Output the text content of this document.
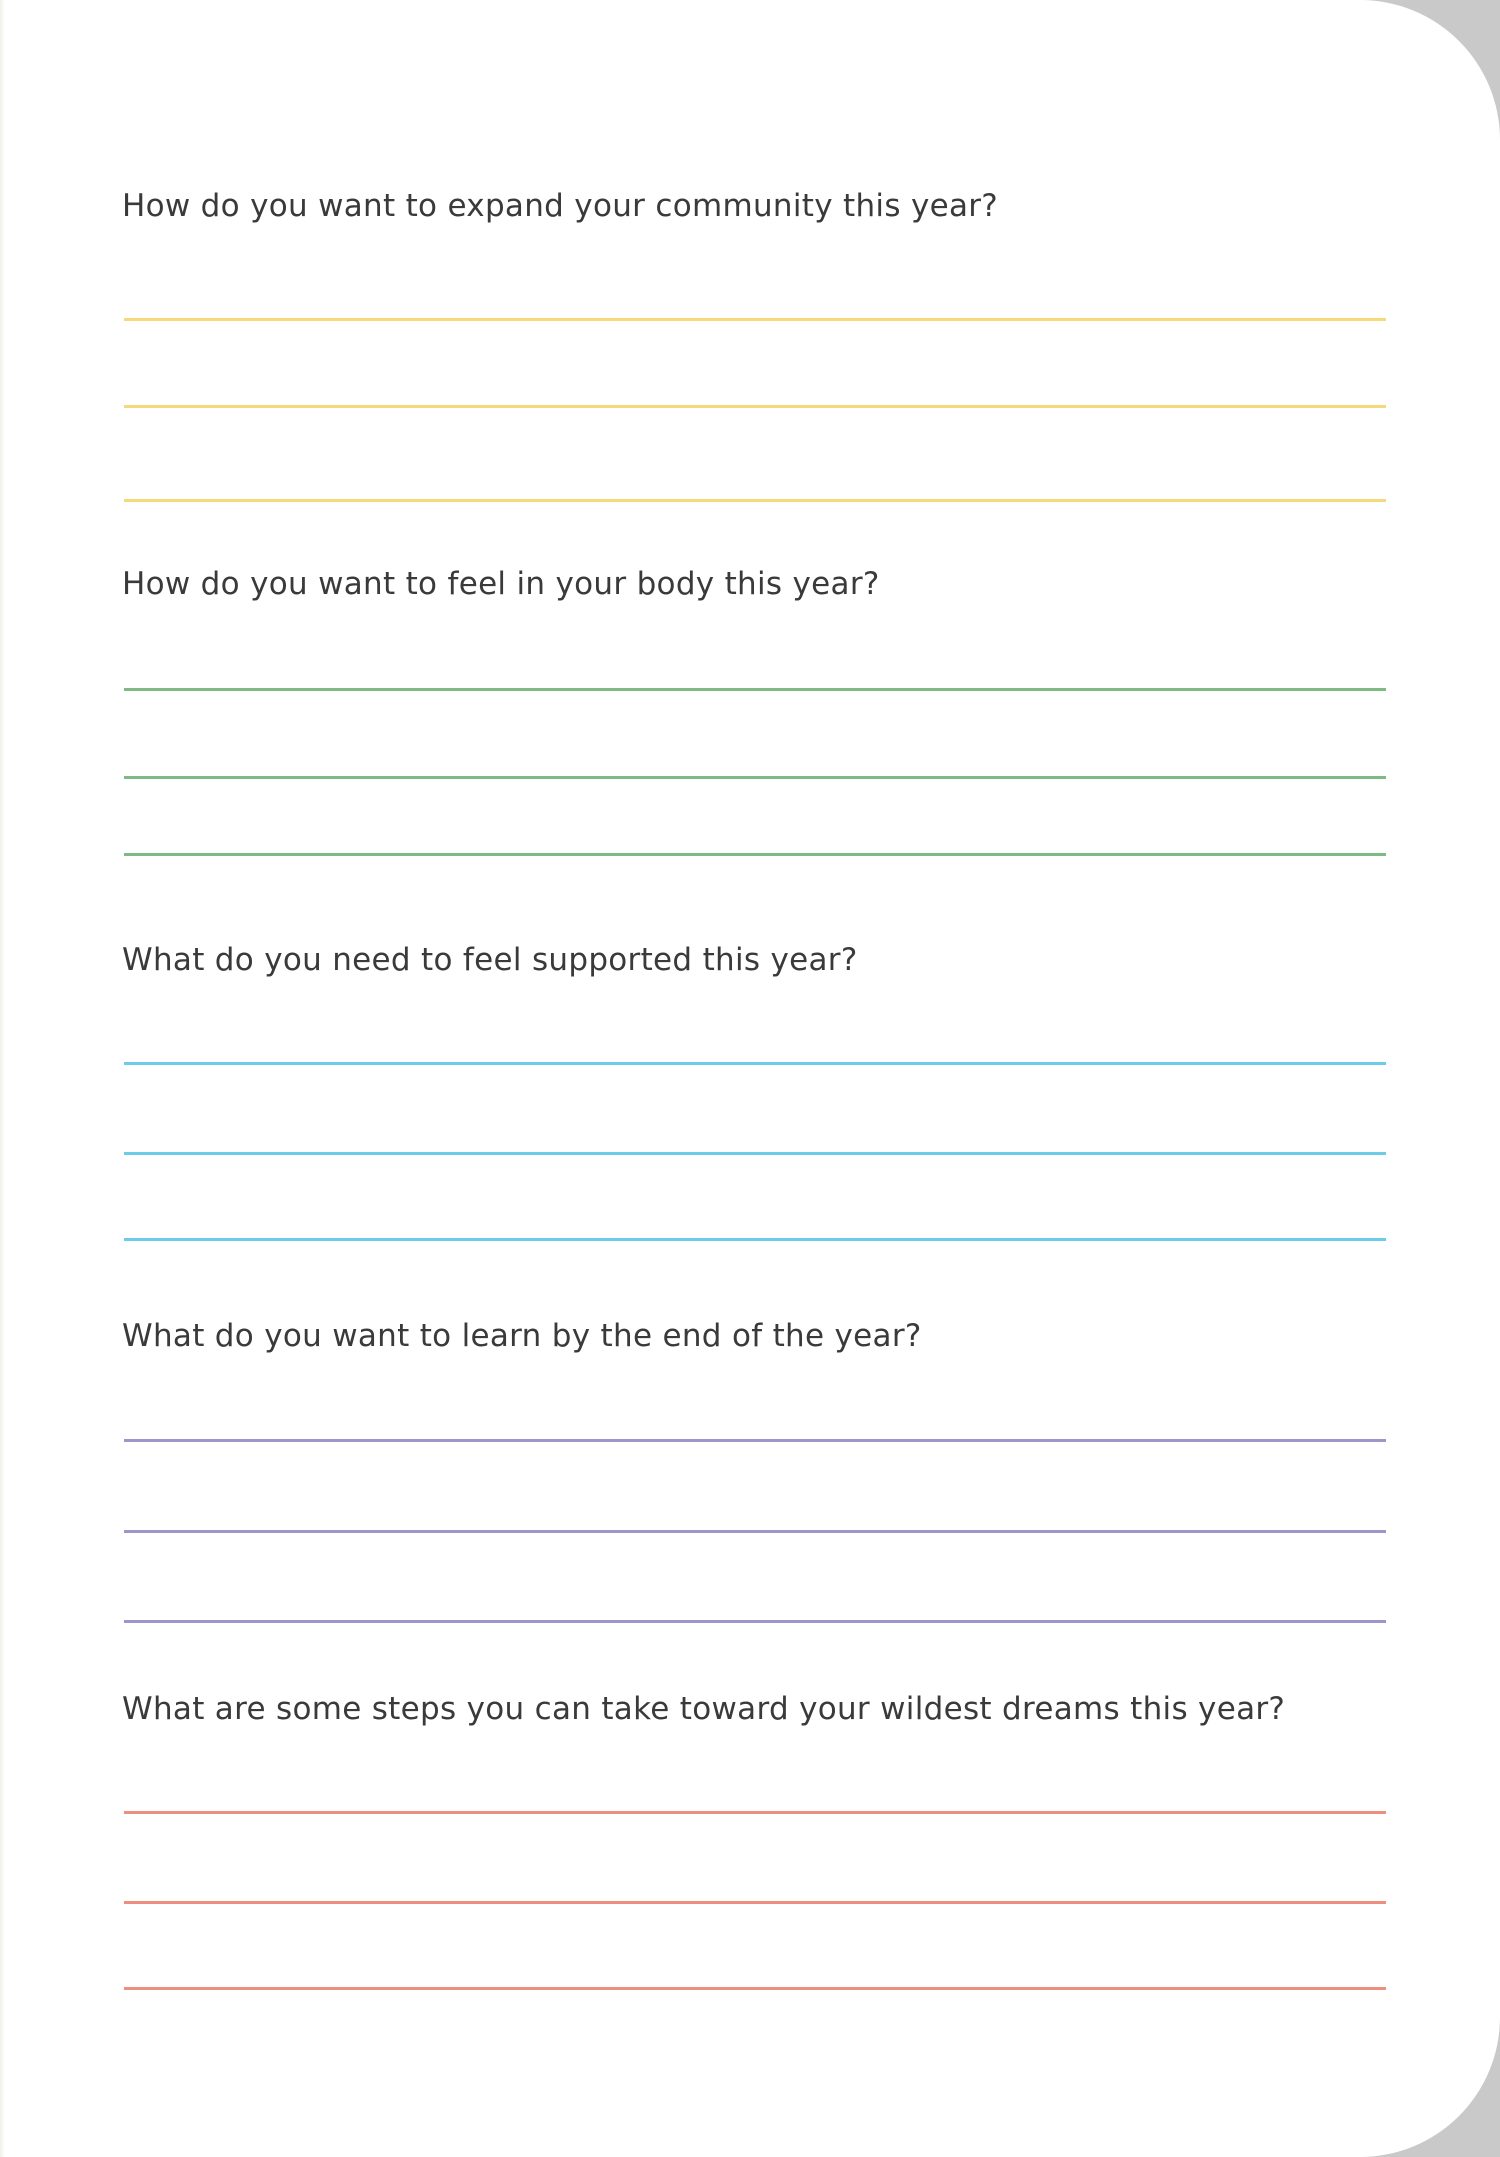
How do you want to expand your community this year?

How do you want to feel in your body this year?

What do you need to feel supported this year?

What do you want to learn by the end of the year?

What are some steps you can take toward your wildest dreams this year?
